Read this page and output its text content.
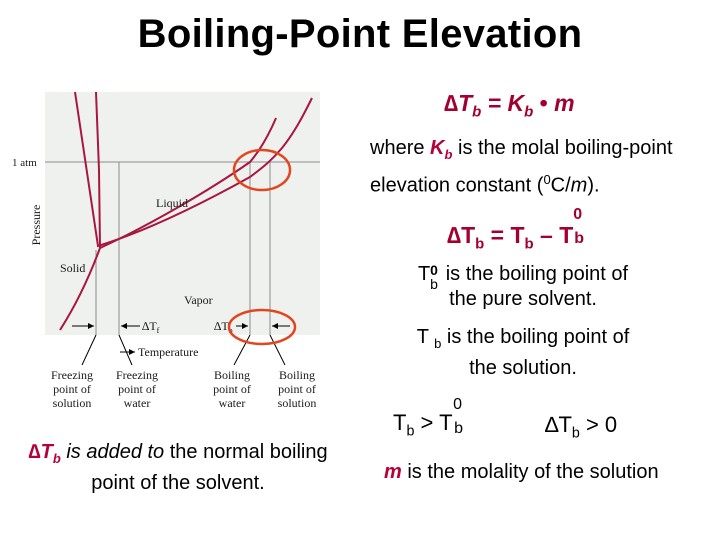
Boiling-Point Elevation
$\Delta T_b = K_b$ • m
where $K_b$ is the molal boiling-point elevation constant ($^0$C/m).
$\Delta T_b = T_b - T$
0
b
T 0
b is the boiling point of
the pure solvent.
T $_b$ is the boiling point of
the solution.
$T_b > T$
0
b	$\Delta T_b > 0$
$\Delta T_b$ is added to the normal boiling point of the solvent.	m is the molality of the solution
Pressure
1 atm
Liquid
Solid
Vapor
$\Delta T_f$	$\Delta T_b$
Temperature
Freezing
point of
solution
Freezing
point of
water
Boiling
point of
water
Boiling
point of
solution
